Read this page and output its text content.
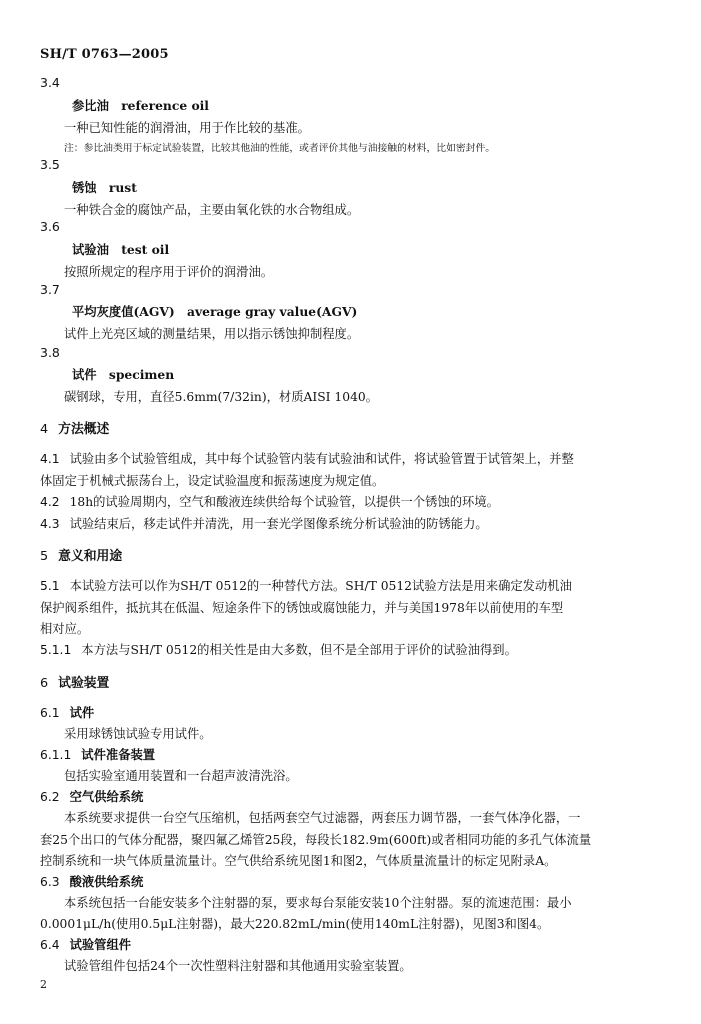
SH/T 0763—2005
3.4
参比油　reference oil
一种已知性能的润滑油，用于作比较的基准。
注：参比油类用于标定试验装置，比较其他油的性能，或者评价其他与油接触的材料，比如密封件。
3.5
锈蚀　rust
一种铁合金的腐蚀产品，主要由氧化铁的水合物组成。
3.6
试验油　test oil
按照所规定的程序用于评价的润滑油。
3.7
平均灰度值(AGV)　average gray value(AGV)
试件上光亮区域的测量结果，用以指示锈蚀抑制程度。
3.8
试件　specimen
碳钢球，专用，直径5.6mm(7/32in)，材质AISI 1040。
4 方法概述
4.1 试验由多个试验管组成，其中每个试验管内装有试验油和试件，将试验管置于试管架上，并整
体固定于机械式振荡台上，设定试验温度和振荡速度为规定值。
4.2 18h的试验周期内，空气和酸液连续供给每个试验管，以提供一个锈蚀的环境。
4.3 试验结束后，移走试件并清洗，用一套光学图像系统分析试验油的防锈能力。
5 意义和用途
5.1 本试验方法可以作为SH/T 0512的一种替代方法。SH/T 0512试验方法是用来确定发动机油
保护阀系组件，抵抗其在低温、短途条件下的锈蚀或腐蚀能力，并与美国1978年以前使用的车型
相对应。
5.1.1 本方法与SH/T 0512的相关性是由大多数，但不是全部用于评价的试验油得到。
6 试验装置
6.1 试件
采用球锈蚀试验专用试件。
6.1.1 试件准备装置
包括实验室通用装置和一台超声波清洗浴。
6.2 空气供给系统
本系统要求提供一台空气压缩机，包括两套空气过滤器，两套压力调节器，一套气体净化器，一
套25个出口的气体分配器，聚四氟乙烯管25段，每段长182.9m(600ft)或者相同功能的多孔气体流量
控制系统和一块气体质量流量计。空气供给系统见图1和图2，气体质量流量计的标定见附录A。
6.3 酸液供给系统
本系统包括一台能安装多个注射器的泵，要求每台泵能安装10个注射器。泵的流速范围：最小
0.0001μL/h(使用0.5μL注射器)，最大220.82mL/min(使用140mL注射器)，见图3和图4。
6.4 试验管组件
试验管组件包括24个一次性塑料注射器和其他通用实验室装置。
2
